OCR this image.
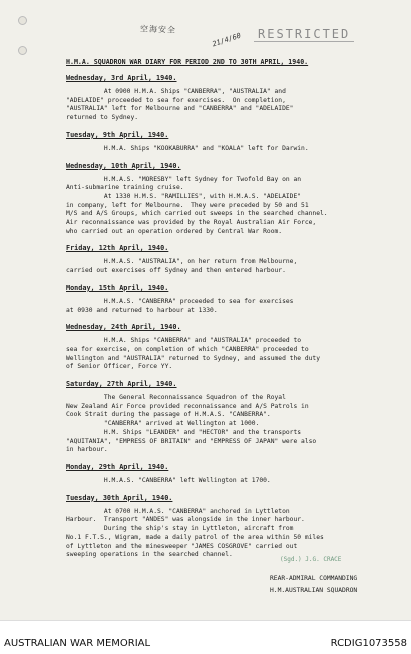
空海安全
21/4/60	RESTRICTED
H.M.A. SQUADRON WAR DIARY FOR PERIOD 2ND TO 30TH APRIL, 1940.
Wednesday, 3rd April, 1940.
At 0900 H.M.A. Ships "CANBERRA", "AUSTRALIA" and
"ADELAIDE" proceeded to sea for exercises.  On completion,
"AUSTRALIA" left for Melbourne and "CANBERRA" and "ADELAIDE"
returned to Sydney.
Tuesday, 9th April, 1940.
H.M.A. Ships "KOOKABURRA" and "KOALA" left for Darwin.
Wednesday, 10th April, 1940.
H.M.A.S. "MORESBY" left Sydney for Twofold Bay on an
Anti-submarine training cruise.
At 1330 H.M.S. "RAMILLIES", with H.M.A.S. "ADELAIDE"
in company, left for Melbourne.  They were preceded by 50 and 51
M/S and A/S Groups, which carried out sweeps in the searched channel.
Air reconnaissance was provided by the Royal Australian Air Force,
who carried out an operation ordered by Central War Room.
Friday, 12th April, 1940.
H.M.A.S. "AUSTRALIA", on her return from Melbourne,
carried out exercises off Sydney and then entered harbour.
Monday, 15th April, 1940.
H.M.A.S. "CANBERRA" proceeded to sea for exercises
at 0930 and returned to harbour at 1330.
Wednesday, 24th April, 1940.
H.M.A. Ships "CANBERRA" and "AUSTRALIA" proceeded to
sea for exercise, on completion of which "CANBERRA" proceeded to
Wellington and "AUSTRALIA" returned to Sydney, and assumed the duty
of Senior Officer, Force YY.
Saturday, 27th April, 1940.
The General Reconnaissance Squadron of the Royal
New Zealand Air Force provided reconnaissance and A/S Patrols in
Cook Strait during the passage of H.M.A.S. "CANBERRA".
"CANBERRA" arrived at Wellington at 1000.
H.M. Ships "LEANDER" and "HECTOR" and the transports
"AQUITANIA", "EMPRESS OF BRITAIN" and "EMPRESS OF JAPAN" were also
in harbour.
Monday, 29th April, 1940.
H.M.A.S. "CANBERRA" left Wellington at 1700.
Tuesday, 30th April, 1940.
At 0700 H.M.A.S. "CANBERRA" anchored in Lyttleton
Harbour.  Transport "ANDES" was alongside in the inner harbour.
During the ship's stay in Lyttleton, aircraft from
No.1 F.T.S., Wigram, made a daily patrol of the area within 50 miles
of Lyttleton and the minesweeper "JAMES COSGROVE" carried out
sweeping operations in the searched channel.
(Sgd.) J.G. CRACE
REAR-ADMIRAL COMMANDING
H.M.AUSTRALIAN SQUADRON
AUSTRALIAN WAR MEMORIAL	RCDIG1073558
